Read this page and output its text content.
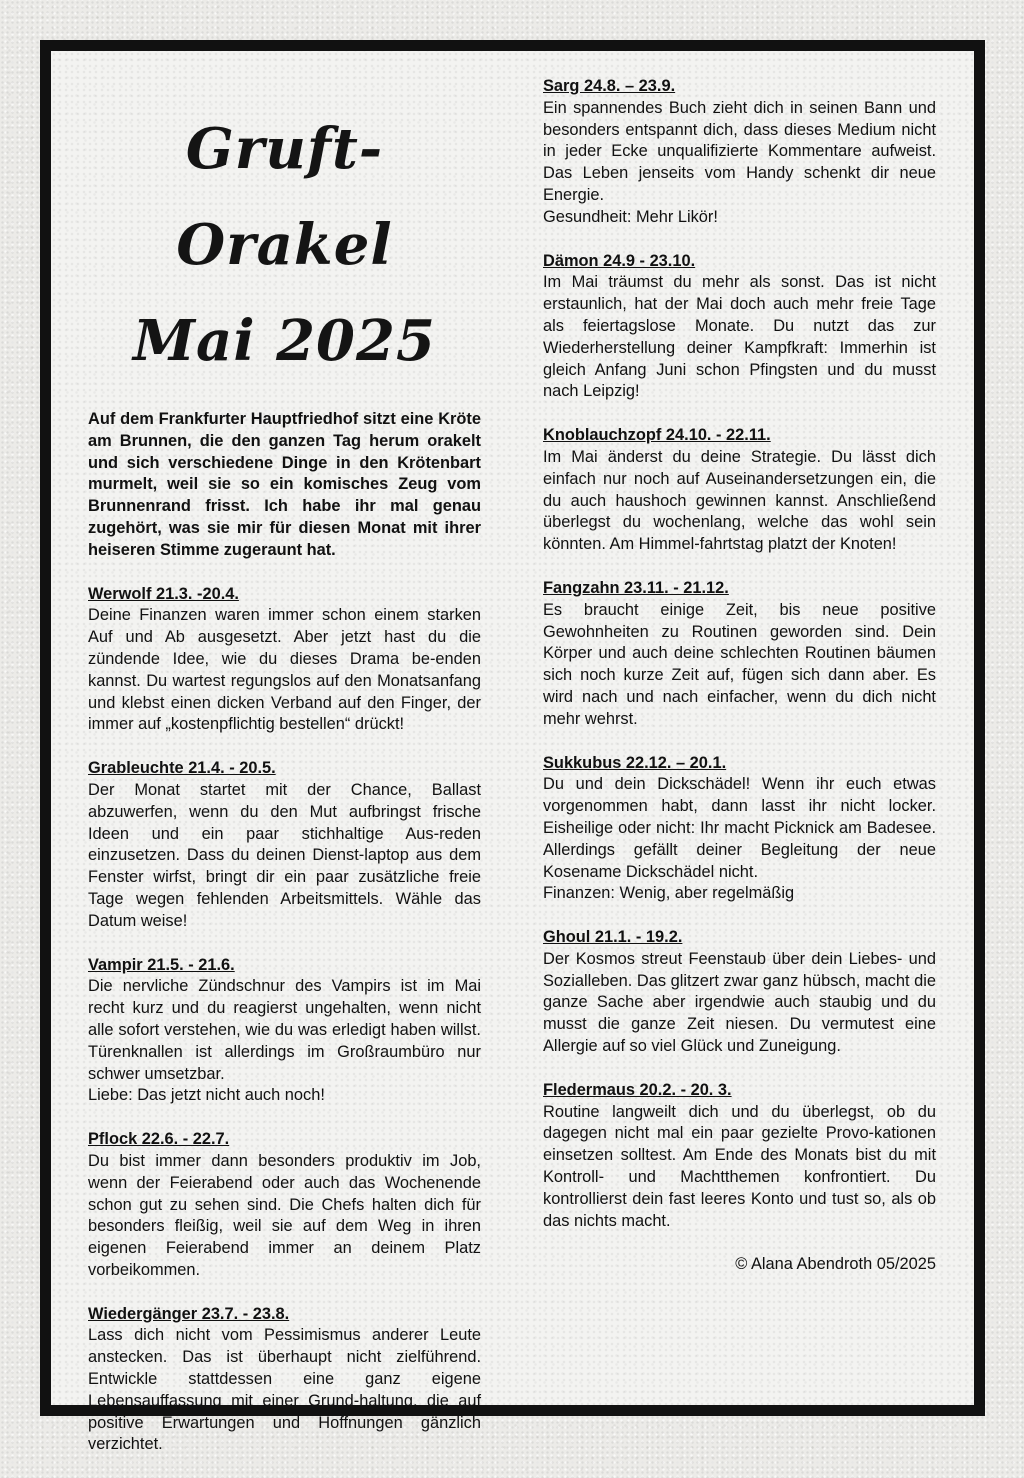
Gruft-Orakel
Mai 2025

Auf dem Frankfurter Hauptfriedhof sitzt eine Kröte am Brunnen, die den ganzen Tag herum orakelt und sich verschiedene Dinge in den Krötenbart murmelt, weil sie so ein komisches Zeug vom Brunnenrand frisst. Ich habe ihr mal genau zugehört, was sie mir für diesen Monat mit ihrer heiseren Stimme zugeraunt hat.

Werwolf 21.3. -20.4.

Deine Finanzen waren immer schon einem starken Auf und Ab ausgesetzt. Aber jetzt hast du die zündende Idee, wie du dieses Drama be-enden kannst. Du wartest regungslos auf den Monatsanfang und klebst einen dicken Verband auf den Finger, der immer auf „kostenpflichtig bestellen“ drückt!

Grableuchte 21.4. - 20.5.

Der Monat startet mit der Chance, Ballast abzuwerfen, wenn du den Mut aufbringst frische Ideen und ein paar stichhaltige Aus-reden einzusetzen. Dass du deinen Dienst-laptop aus dem Fenster wirfst, bringt dir ein paar zusätzliche freie Tage wegen fehlenden Arbeitsmittels. Wähle das Datum weise!

Vampir 21.5. - 21.6.

Die nervliche Zündschnur des Vampirs ist im Mai recht kurz und du reagierst ungehalten, wenn nicht alle sofort verstehen, wie du was erledigt haben willst. Türenknallen ist allerdings im Großraumbüro nur schwer umsetzbar.

Liebe: Das jetzt nicht auch noch!

Pflock 22.6. - 22.7.

Du bist immer dann besonders produktiv im Job, wenn der Feierabend oder auch das Wochenende schon gut zu sehen sind. Die Chefs halten dich für besonders fleißig, weil sie auf dem Weg in ihren eigenen Feierabend immer an deinem Platz vorbeikommen.

Wiedergänger 23.7. - 23.8.

Lass dich nicht vom Pessimismus anderer Leute anstecken. Das ist überhaupt nicht zielführend. Entwickle stattdessen eine ganz eigene Lebensauffassung mit einer Grund-haltung, die auf positive Erwartungen und Hoffnungen gänzlich verzichtet.

Sarg 24.8. – 23.9.

Ein spannendes Buch zieht dich in seinen Bann und besonders entspannt dich, dass dieses Medium nicht in jeder Ecke unqualifizierte Kommentare aufweist. Das Leben jenseits vom Handy schenkt dir neue Energie.

Gesundheit: Mehr Likör!

Dämon 24.9 - 23.10.

Im Mai träumst du mehr als sonst. Das ist nicht erstaunlich, hat der Mai doch auch mehr freie Tage als feiertagslose Monate. Du nutzt das zur Wiederherstellung deiner Kampfkraft: Immerhin ist gleich Anfang Juni schon Pfingsten und du musst nach Leipzig!

Knoblauchzopf 24.10. - 22.11.

Im Mai änderst du deine Strategie. Du lässt dich einfach nur noch auf Auseinandersetzungen ein, die du auch haushoch gewinnen kannst. Anschließend überlegst du wochenlang, welche das wohl sein könnten. Am Himmel-fahrtstag platzt der Knoten!

Fangzahn 23.11. - 21.12.

Es braucht einige Zeit, bis neue positive Gewohnheiten zu Routinen geworden sind. Dein Körper und auch deine schlechten Routinen bäumen sich noch kurze Zeit auf, fügen sich dann aber. Es wird nach und nach einfacher, wenn du dich nicht mehr wehrst.

Sukkubus 22.12. – 20.1.

Du und dein Dickschädel! Wenn ihr euch etwas vorgenommen habt, dann lasst ihr nicht locker. Eisheilige oder nicht: Ihr macht Picknick am Badesee. Allerdings gefällt deiner Begleitung der neue Kosename Dickschädel nicht.

Finanzen: Wenig, aber regelmäßig

Ghoul 21.1. - 19.2.

Der Kosmos streut Feenstaub über dein Liebes- und Sozialleben. Das glitzert zwar ganz hübsch, macht die ganze Sache aber irgendwie auch staubig und du musst die ganze Zeit niesen. Du vermutest eine Allergie auf so viel Glück und Zuneigung.

Fledermaus 20.2. - 20. 3.

Routine langweilt dich und du überlegst, ob du dagegen nicht mal ein paar gezielte Provo-kationen einsetzen solltest. Am Ende des Monats bist du mit Kontroll- und Machtthemen konfrontiert. Du kontrollierst dein fast leeres Konto und tust so, als ob das nichts macht.

© Alana Abendroth 05/2025
